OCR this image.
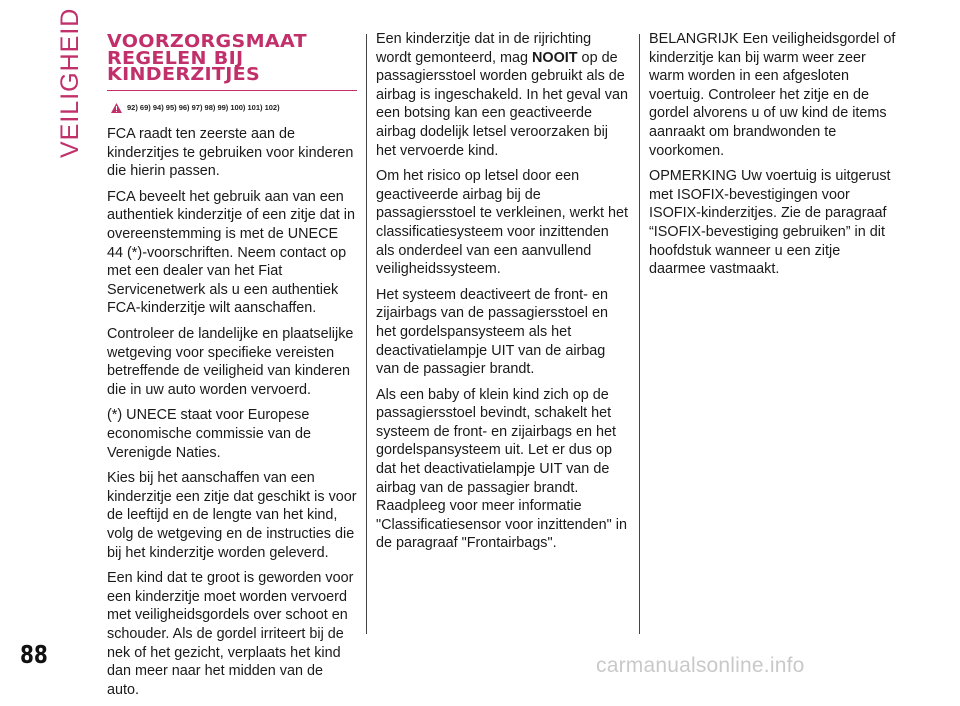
VEILIGHEID VOORZORGSMAAT
REGELEN BIJ
KINDERZITJES
92) 69) 94) 95) 96) 97) 98) 99) 100) 101) 102)

FCA raadt ten zeerste aan de kinderzitjes te gebruiken voor kinderen die hierin passen.

FCA beveelt het gebruik aan van een authentiek kinderzitje of een zitje dat in overeenstemming is met de UNECE 44 (*)-voorschriften. Neem contact op met een dealer van het Fiat Servicenetwerk als u een authentiek FCA-kinderzitje wilt aanschaffen.

Controleer de landelijke en plaatselijke wetgeving voor specifieke vereisten betreffende de veiligheid van kinderen die in uw auto worden vervoerd.

(*) UNECE staat voor Europese economische commissie van de Verenigde Naties.

Kies bij het aanschaffen van een kinderzitje een zitje dat geschikt is voor de leeftijd en de lengte van het kind, volg de wetgeving en de instructies die bij het kinderzitje worden geleverd.

Een kind dat te groot is geworden voor een kinderzitje moet worden vervoerd met veiligheidsgordels over schoot en schouder. Als de gordel irriteert bij de nek of het gezicht, verplaats het kind dan meer naar het midden van de auto.

Een kinderzitje dat in de rijrichting wordt gemonteerd, mag NOOIT op de passagiersstoel worden gebruikt als de airbag is ingeschakeld. In het geval van een botsing kan een geactiveerde airbag dodelijk letsel veroorzaken bij het vervoerde kind.

Om het risico op letsel door een geactiveerde airbag bij de passagiersstoel te verkleinen, werkt het classificatiesysteem voor inzittenden als onderdeel van een aanvullend veiligheidssysteem.

Het systeem deactiveert de front- en zijairbags van de passagiersstoel en het gordelspansysteem als het deactivatielampje UIT van de airbag van de passagier brandt.

Als een baby of klein kind zich op de passagiersstoel bevindt, schakelt het systeem de front- en zijairbags en het gordelspansysteem uit. Let er dus op dat het deactivatielampje UIT van de airbag van de passagier brandt. Raadpleeg voor meer informatie "Classificatiesensor voor inzittenden" in de paragraaf "Frontairbags".

BELANGRIJK Een veiligheidsgordel of kinderzitje kan bij warm weer zeer warm worden in een afgesloten voertuig. Controleer het zitje en de gordel alvorens u of uw kind de items aanraakt om brandwonden te voorkomen.

OPMERKING Uw voertuig is uitgerust met ISOFIX-bevestigingen voor ISOFIX-kinderzitjes. Zie de paragraaf “ISOFIX-bevestiging gebruiken” in dit hoofdstuk wanneer u een zitje daarmee vastmaakt.

88	carmanualsonline.info
